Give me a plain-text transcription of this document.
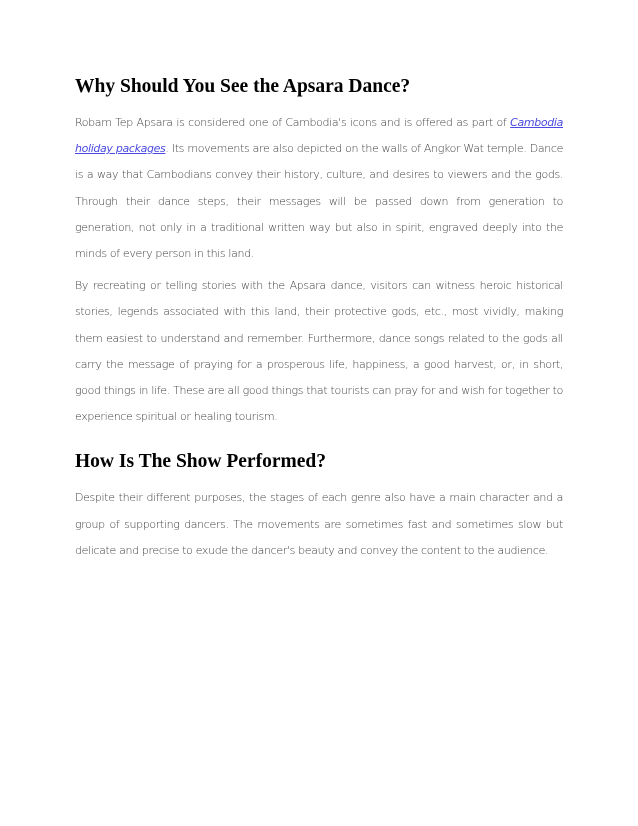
Why Should You See the Apsara Dance?

Robam Tep Apsara is considered one of Cambodia's icons and is offered as part of Cambodia holiday packages. Its movements are also depicted on the walls of Angkor Wat temple. Dance is a way that Cambodians convey their history, culture, and desires to viewers and the gods. Through their dance steps, their messages will be passed down from generation to generation, not only in a traditional written way but also in spirit, engraved deeply into the minds of every person in this land.

By recreating or telling stories with the Apsara dance, visitors can witness heroic historical stories, legends associated with this land, their protective gods, etc., most vividly, making them easiest to understand and remember. Furthermore, dance songs related to the gods all carry the message of praying for a prosperous life, happiness, a good harvest, or, in short, good things in life. These are all good things that tourists can pray for and wish for together to experience spiritual or healing tourism.

How Is The Show Performed?

Despite their different purposes, the stages of each genre also have a main character and a group of supporting dancers. The movements are sometimes fast and sometimes slow but delicate and precise to exude the dancer's beauty and convey the content to the audience.
